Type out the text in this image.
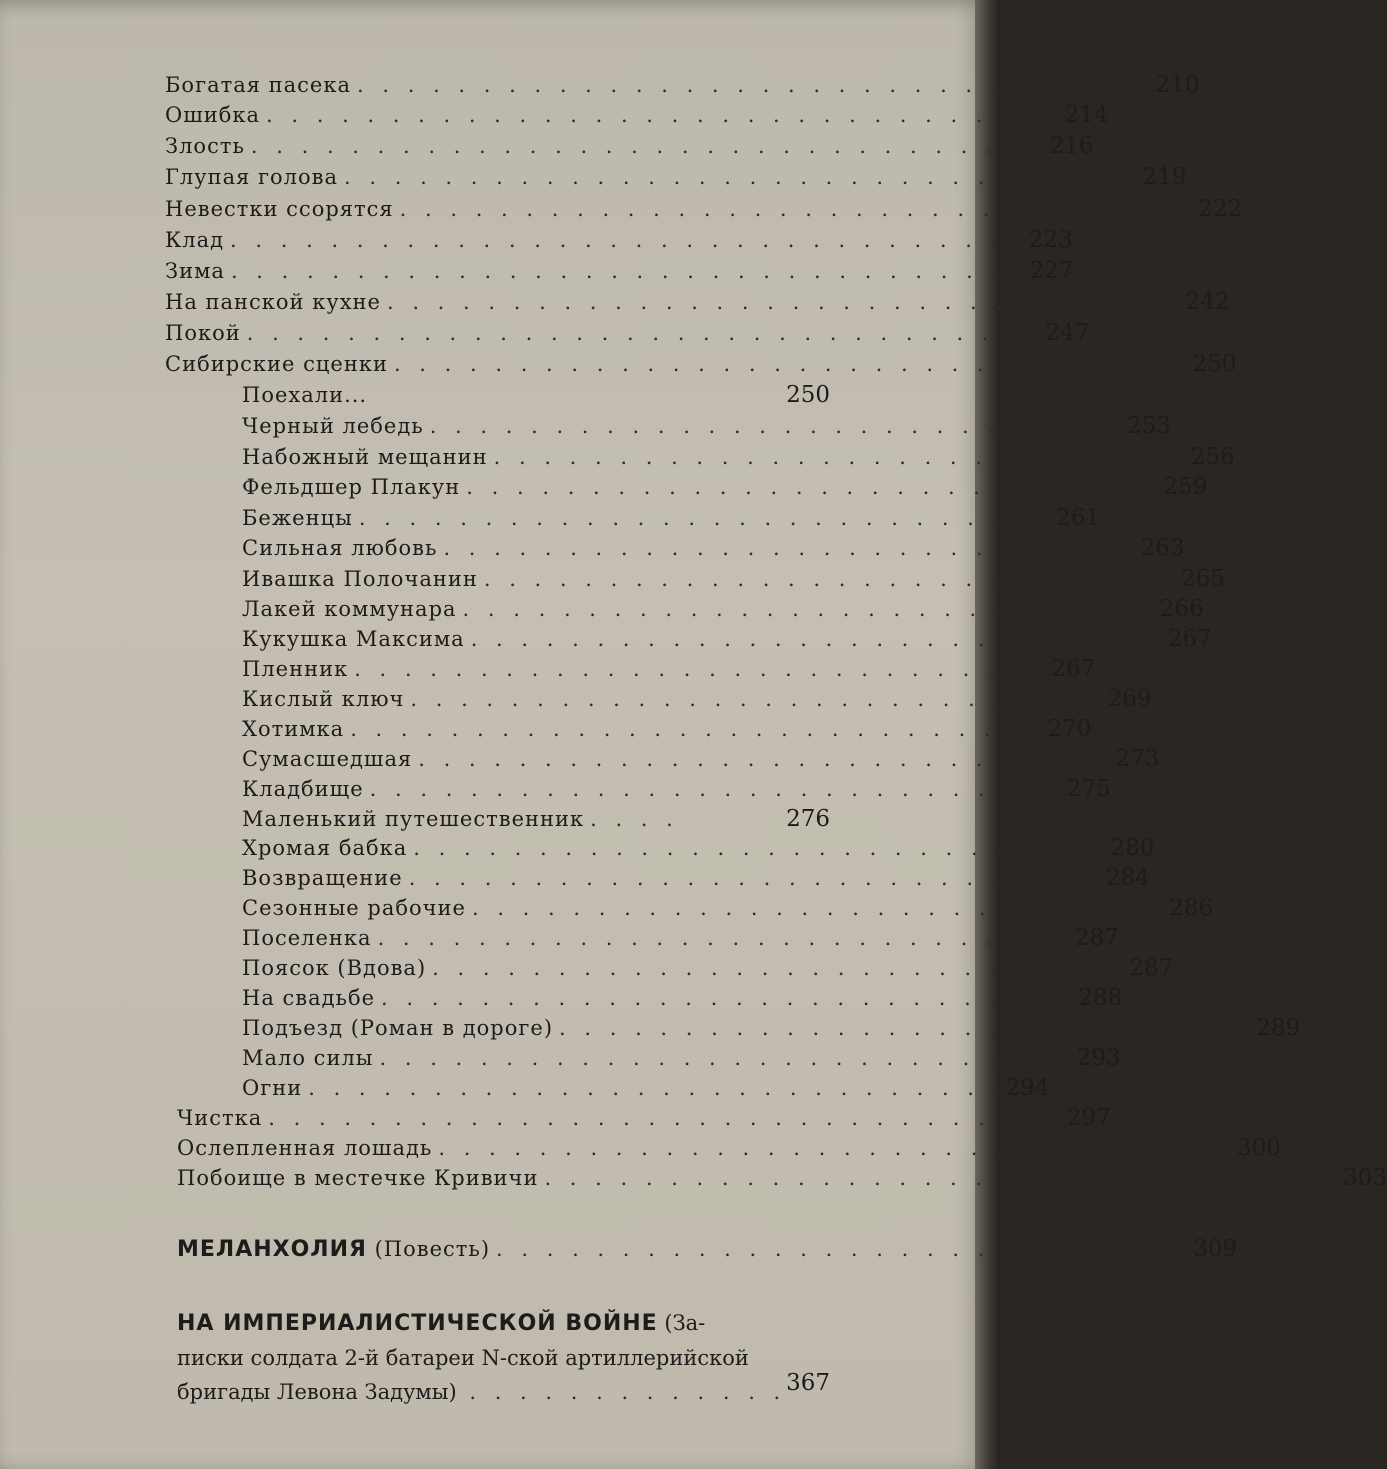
Богатая пасека . . . . . . . . . . . . . . . . . . . . . . . . . . . . . . . . 210
Ошибка . . . . . . . . . . . . . . . . . . . . . . . . . . . . . . . . 214
Злость . . . . . . . . . . . . . . . . . . . . . . . . . . . . . . . . 216
Глупая голова . . . . . . . . . . . . . . . . . . . . . . . . . . . . . . . . 219
Невестки ссорятся . . . . . . . . . . . . . . . . . . . . . . . . . . . . . . . . 222
Клад . . . . . . . . . . . . . . . . . . . . . . . . . . . . . . . . 223
Зима . . . . . . . . . . . . . . . . . . . . . . . . . . . . . . . . 227
На панской кухне . . . . . . . . . . . . . . . . . . . . . . . . . . . . . . . . 242
Покой . . . . . . . . . . . . . . . . . . . . . . . . . . . . . . . . 247
Сибирские сценки . . . . . . . . . . . . . . . . . . . . . . . . . . . . . . . . 250
Поехали...	250
Черный лебедь . . . . . . . . . . . . . . . . . . . . . . . . . . . . 253
Набожный мещанин . . . . . . . . . . . . . . . . . . . . . . . . . . . . 256
Фельдшер Плакун . . . . . . . . . . . . . . . . . . . . . . . . . . . . 259
Беженцы . . . . . . . . . . . . . . . . . . . . . . . . . . . . 261
Сильная любовь . . . . . . . . . . . . . . . . . . . . . . . . . . . . 263
Ивашка Полочанин . . . . . . . . . . . . . . . . . . . . . . . . . . . . 265
Лакей коммунара . . . . . . . . . . . . . . . . . . . . . . . . . . . . 266
Кукушка Максима . . . . . . . . . . . . . . . . . . . . . . . . . . . . 267
Пленник . . . . . . . . . . . . . . . . . . . . . . . . . . . . 267
Кислый ключ . . . . . . . . . . . . . . . . . . . . . . . . . . . . 269
Хотимка . . . . . . . . . . . . . . . . . . . . . . . . . . . . 270
Сумасшедшая . . . . . . . . . . . . . . . . . . . . . . . . . . . . 273
Кладбище . . . . . . . . . . . . . . . . . . . . . . . . . . . . 275
Маленький путешественник . . . .	276
Хромая бабка . . . . . . . . . . . . . . . . . . . . . . . . . . . . 280
Возвращение . . . . . . . . . . . . . . . . . . . . . . . . . . . . 284
Сезонные рабочие . . . . . . . . . . . . . . . . . . . . . . . . . . . . 286
Поселенка . . . . . . . . . . . . . . . . . . . . . . . . . . . . 287
Поясок (Вдова) . . . . . . . . . . . . . . . . . . . . . . . . . . . . 287
На свадьбе . . . . . . . . . . . . . . . . . . . . . . . . . . . . 288
Подъезд (Роман в дороге) . . . . . . . . . . . . . . . . . . . . . . . . . . . . 289
Мало силы . . . . . . . . . . . . . . . . . . . . . . . . . . . . 293
Огни . . . . . . . . . . . . . . . . . . . . . . . . . . . . 294
Чистка . . . . . . . . . . . . . . . . . . . . . . . . . . . . . . . . 297
Ослепленная лошадь . . . . . . . . . . . . . . . . . . . . . . . . . . . . . . . . 300
Побоище в местечке Кривичи . . . . . . . . . . . . . . . . . . . . . . . . . . . . . . . . 303
МЕЛАНХОЛИЯ (Повесть) . . . . . . . . . . . . . . . . . . . . . . . . . . . . 309
НА ИМПЕРИАЛИСТИЧЕСКОЙ ВОЙНЕ (За-
писки солдата 2-й батареи N-ской артиллерийской
бригады Левона Задумы) . . . . . . . . . . . . . 367
